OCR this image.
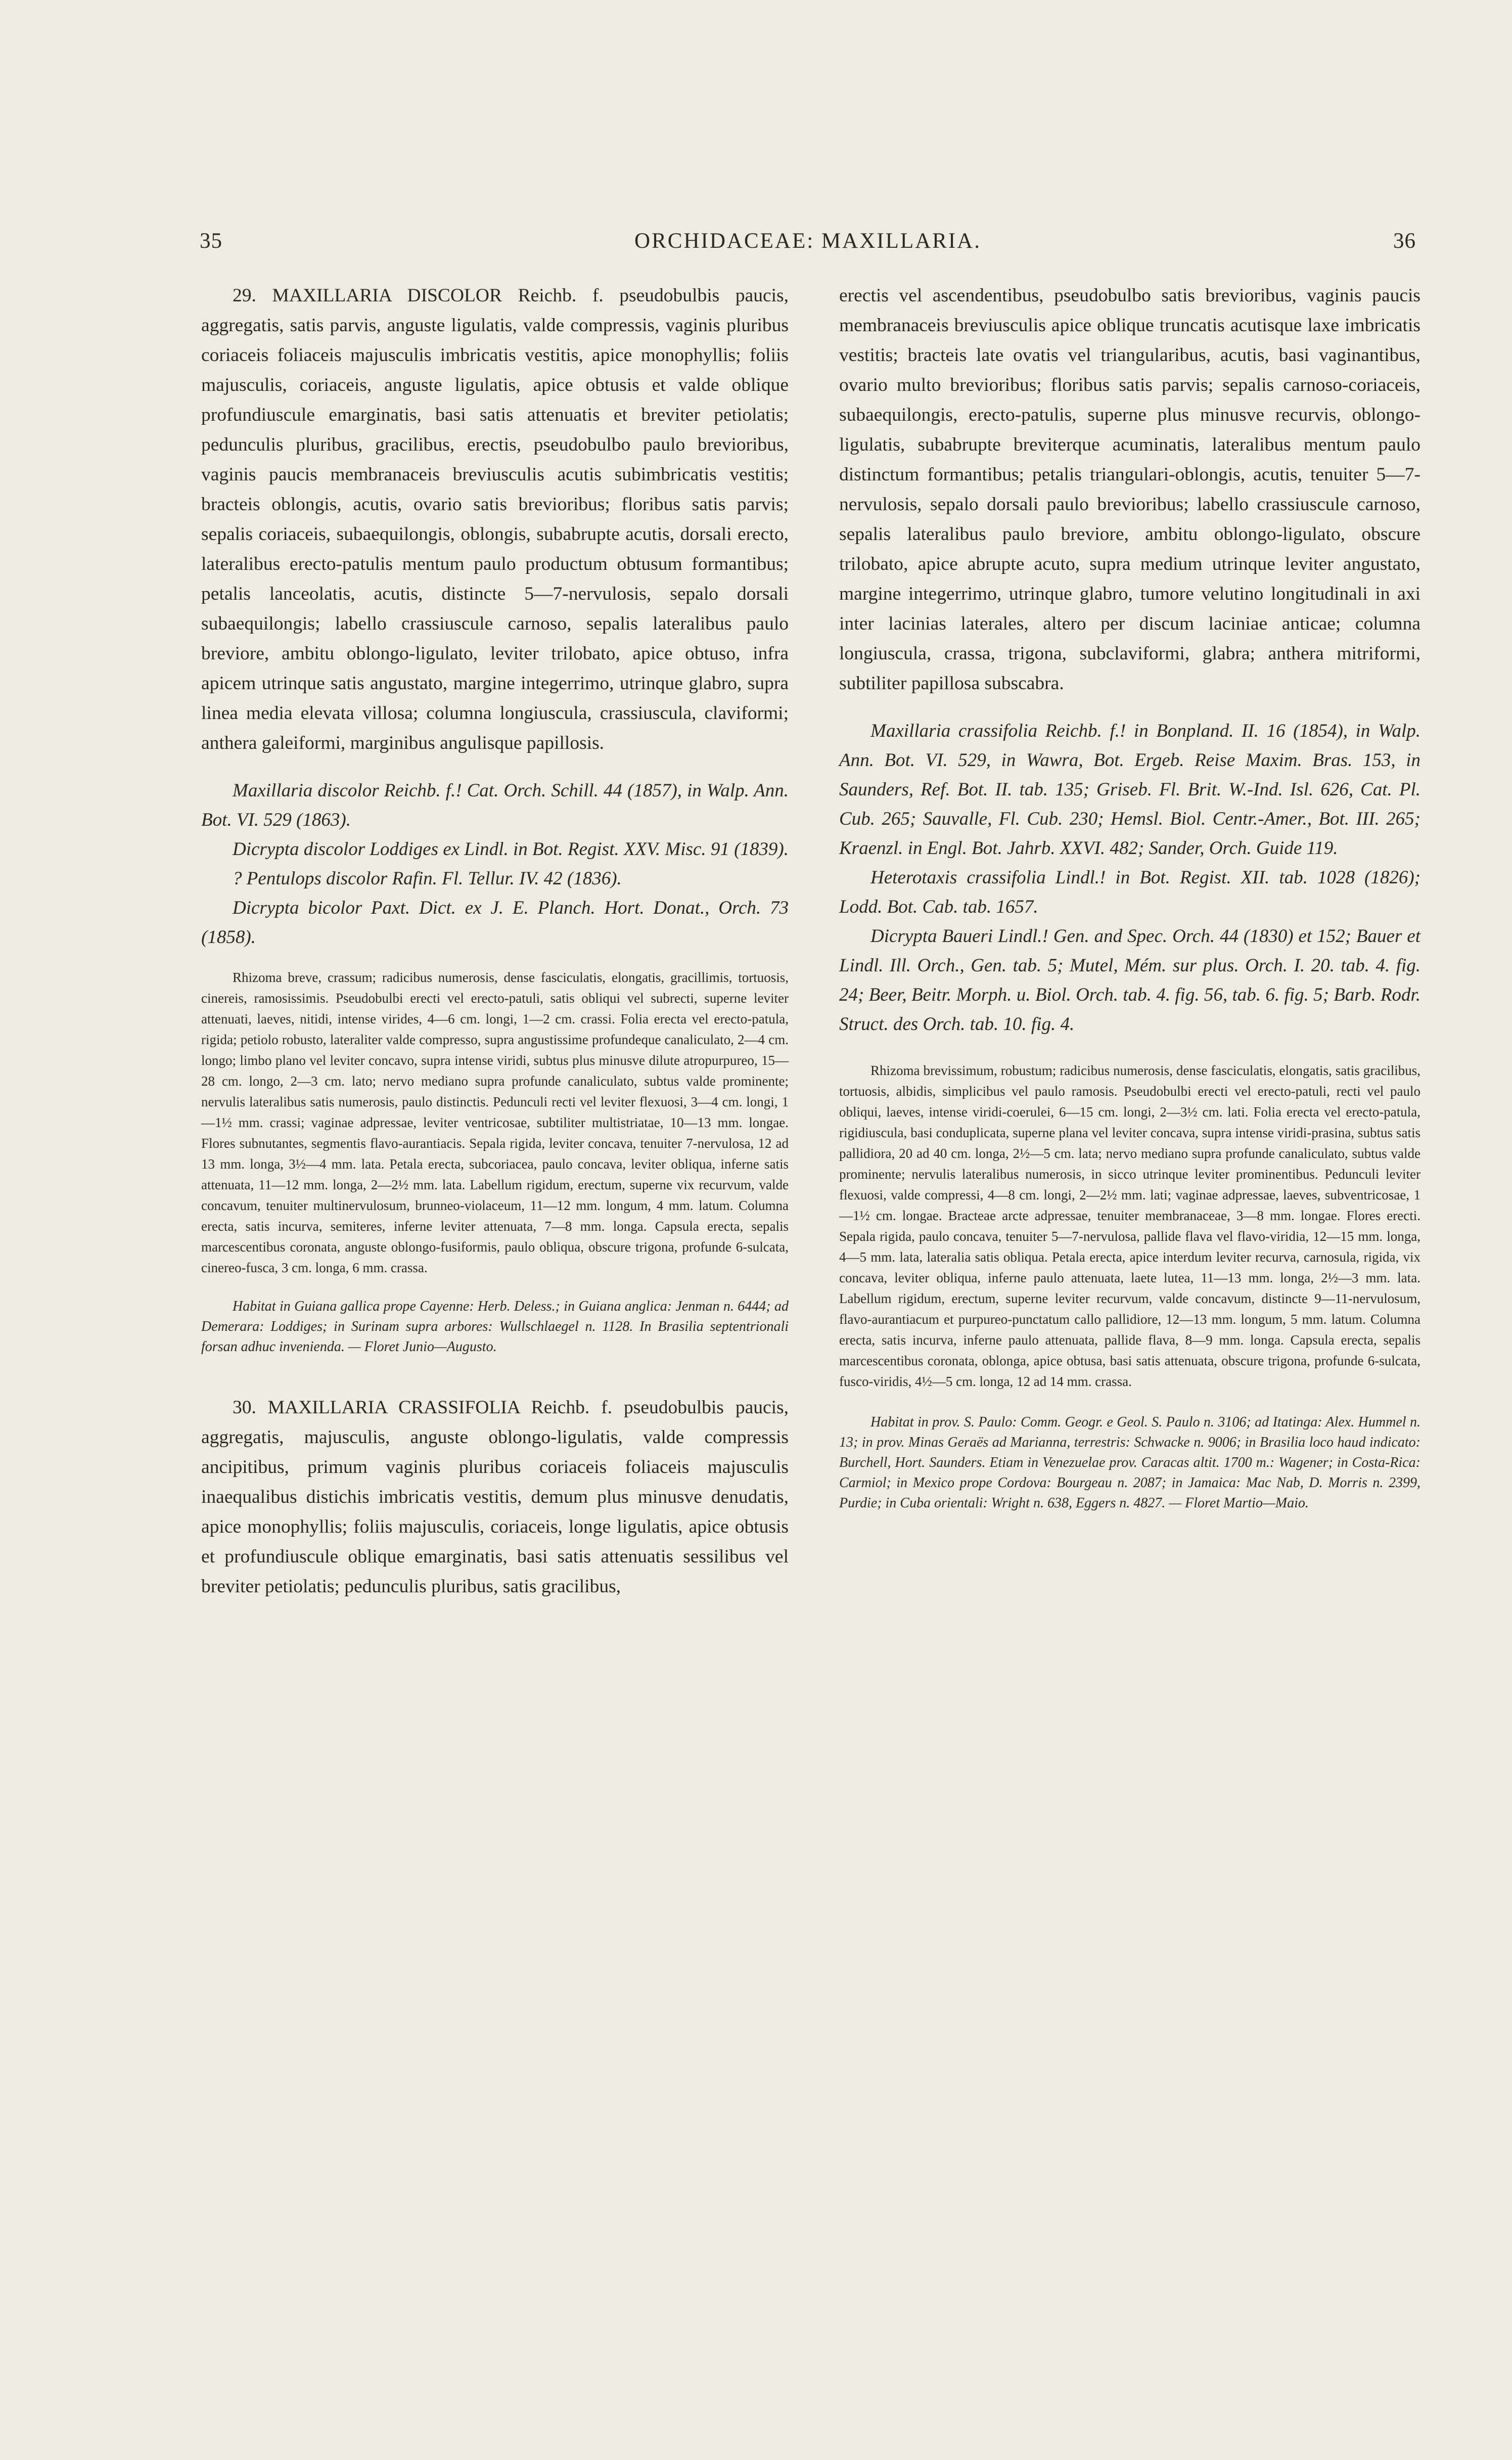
35	ORCHIDACEAE: MAXILLARIA.	36

29. MAXILLARIA DISCOLOR Reichb. f. pseudobulbis paucis, aggregatis, satis parvis, anguste ligulatis, valde compressis, vaginis pluribus coriaceis foliaceis majusculis imbricatis vestitis, apice monophyllis; foliis majusculis, coriaceis, anguste ligulatis, apice obtusis et valde oblique profundiuscule emarginatis, basi satis attenuatis et breviter petiolatis; pedunculis pluribus, gracilibus, erectis, pseudobulbo paulo brevioribus, vaginis paucis membranaceis breviusculis acutis subimbricatis vestitis; bracteis oblongis, acutis, ovario satis brevioribus; floribus satis parvis; sepalis coriaceis, subaequilongis, oblongis, subabrupte acutis, dorsali erecto, lateralibus erecto-patulis mentum paulo productum obtusum formantibus; petalis lanceolatis, acutis, distincte 5—7-nervulosis, sepalo dorsali subaequilongis; labello crassiuscule carnoso, sepalis lateralibus paulo breviore, ambitu oblongo-ligulato, leviter trilobato, apice obtuso, infra apicem utrinque satis angustato, margine integerrimo, utrinque glabro, supra linea media elevata villosa; columna longiuscula, crassiuscula, claviformi; anthera galeiformi, marginibus angulisque papillosis.

Maxillaria discolor Reichb. f.! Cat. Orch. Schill. 44 (1857), in Walp. Ann. Bot. VI. 529 (1863).

Dicrypta discolor Loddiges ex Lindl. in Bot. Regist. XXV. Misc. 91 (1839).

? Pentulops discolor Rafin. Fl. Tellur. IV. 42 (1836).

Dicrypta bicolor Paxt. Dict. ex J. E. Planch. Hort. Donat., Orch. 73 (1858).

Rhizoma breve, crassum; radicibus numerosis, dense fasciculatis, elongatis, gracillimis, tortuosis, cinereis, ramosissimis. Pseudobulbi erecti vel erecto-patuli, satis obliqui vel subrecti, superne leviter attenuati, laeves, nitidi, intense virides, 4—6 cm. longi, 1—2 cm. crassi. Folia erecta vel erecto-patula, rigida; petiolo robusto, lateraliter valde compresso, supra angustissime profundeque canaliculato, 2—4 cm. longo; limbo plano vel leviter concavo, supra intense viridi, subtus plus minusve dilute atropurpureo, 15—28 cm. longo, 2—3 cm. lato; nervo mediano supra profunde canaliculato, subtus valde prominente; nervulis lateralibus satis numerosis, paulo distinctis. Pedunculi recti vel leviter flexuosi, 3—4 cm. longi, 1—1½ mm. crassi; vaginae adpressae, leviter ventricosae, subtiliter multistriatae, 10—13 mm. longae. Flores subnutantes, segmentis flavo-aurantiacis. Sepala rigida, leviter concava, tenuiter 7-nervulosa, 12 ad 13 mm. longa, 3½—4 mm. lata. Petala erecta, subcoriacea, paulo concava, leviter obliqua, inferne satis attenuata, 11—12 mm. longa, 2—2½ mm. lata. Labellum rigidum, erectum, superne vix recurvum, valde concavum, tenuiter multinervulosum, brunneo-violaceum, 11—12 mm. longum, 4 mm. latum. Columna erecta, satis incurva, semiteres, inferne leviter attenuata, 7—8 mm. longa. Capsula erecta, sepalis marcescentibus coronata, anguste oblongo-fusiformis, paulo obliqua, obscure trigona, profunde 6-sulcata, cinereo-fusca, 3 cm. longa, 6 mm. crassa.

Habitat in Guiana gallica prope Cayenne: Herb. Deless.; in Guiana anglica: Jenman n. 6444; ad Demerara: Loddiges; in Surinam supra arbores: Wullschlaegel n. 1128. In Brasilia septentrionali forsan adhuc invenienda. — Floret Junio—Augusto.

30. MAXILLARIA CRASSIFOLIA Reichb. f. pseudobulbis paucis, aggregatis, majusculis, anguste oblongo-ligulatis, valde compressis ancipitibus, primum vaginis pluribus coriaceis foliaceis majusculis inaequalibus distichis imbricatis vestitis, demum plus minusve denudatis, apice monophyllis; foliis majusculis, coriaceis, longe ligulatis, apice obtusis et profundiuscule oblique emarginatis, basi satis attenuatis sessilibus vel breviter petiolatis; pedunculis pluribus, satis gracilibus,

erectis vel ascendentibus, pseudobulbo satis brevioribus, vaginis paucis membranaceis breviusculis apice oblique truncatis acutisque laxe imbricatis vestitis; bracteis late ovatis vel triangularibus, acutis, basi vaginantibus, ovario multo brevioribus; floribus satis parvis; sepalis carnoso-coriaceis, subaequilongis, erecto-patulis, superne plus minusve recurvis, oblongo-ligulatis, subabrupte breviterque acuminatis, lateralibus mentum paulo distinctum formantibus; petalis triangulari-oblongis, acutis, tenuiter 5—7-nervulosis, sepalo dorsali paulo brevioribus; labello crassiuscule carnoso, sepalis lateralibus paulo breviore, ambitu oblongo-ligulato, obscure trilobato, apice abrupte acuto, supra medium utrinque leviter angustato, margine integerrimo, utrinque glabro, tumore velutino longitudinali in axi inter lacinias laterales, altero per discum laciniae anticae; columna longiuscula, crassa, trigona, subclaviformi, glabra; anthera mitriformi, subtiliter papillosa subscabra.

Maxillaria crassifolia Reichb. f.! in Bonpland. II. 16 (1854), in Walp. Ann. Bot. VI. 529, in Wawra, Bot. Ergeb. Reise Maxim. Bras. 153, in Saunders, Ref. Bot. II. tab. 135; Griseb. Fl. Brit. W.-Ind. Isl. 626, Cat. Pl. Cub. 265; Sauvalle, Fl. Cub. 230; Hemsl. Biol. Centr.-Amer., Bot. III. 265; Kraenzl. in Engl. Bot. Jahrb. XXVI. 482; Sander, Orch. Guide 119.

Heterotaxis crassifolia Lindl.! in Bot. Regist. XII. tab. 1028 (1826); Lodd. Bot. Cab. tab. 1657.

Dicrypta Baueri Lindl.! Gen. and Spec. Orch. 44 (1830) et 152; Bauer et Lindl. Ill. Orch., Gen. tab. 5; Mutel, Mém. sur plus. Orch. I. 20. tab. 4. fig. 24; Beer, Beitr. Morph. u. Biol. Orch. tab. 4. fig. 56, tab. 6. fig. 5; Barb. Rodr. Struct. des Orch. tab. 10. fig. 4.

Rhizoma brevissimum, robustum; radicibus numerosis, dense fasciculatis, elongatis, satis gracilibus, tortuosis, albidis, simplicibus vel paulo ramosis. Pseudobulbi erecti vel erecto-patuli, recti vel paulo obliqui, laeves, intense viridi-coerulei, 6—15 cm. longi, 2—3½ cm. lati. Folia erecta vel erecto-patula, rigidiuscula, basi conduplicata, superne plana vel leviter concava, supra intense viridi-prasina, subtus satis pallidiora, 20 ad 40 cm. longa, 2½—5 cm. lata; nervo mediano supra profunde canaliculato, subtus valde prominente; nervulis lateralibus numerosis, in sicco utrinque leviter prominentibus. Pedunculi leviter flexuosi, valde compressi, 4—8 cm. longi, 2—2½ mm. lati; vaginae adpressae, laeves, subventricosae, 1—1½ cm. longae. Bracteae arcte adpressae, tenuiter membranaceae, 3—8 mm. longae. Flores erecti. Sepala rigida, paulo concava, tenuiter 5—7-nervulosa, pallide flava vel flavo-viridia, 12—15 mm. longa, 4—5 mm. lata, lateralia satis obliqua. Petala erecta, apice interdum leviter recurva, carnosula, rigida, vix concava, leviter obliqua, inferne paulo attenuata, laete lutea, 11—13 mm. longa, 2½—3 mm. lata. Labellum rigidum, erectum, superne leviter recurvum, valde concavum, distincte 9—11-nervulosum, flavo-aurantiacum et purpureo-punctatum callo pallidiore, 12—13 mm. longum, 5 mm. latum. Columna erecta, satis incurva, inferne paulo attenuata, pallide flava, 8—9 mm. longa. Capsula erecta, sepalis marcescentibus coronata, oblonga, apice obtusa, basi satis attenuata, obscure trigona, profunde 6-sulcata, fusco-viridis, 4½—5 cm. longa, 12 ad 14 mm. crassa.

Habitat in prov. S. Paulo: Comm. Geogr. e Geol. S. Paulo n. 3106; ad Itatinga: Alex. Hummel n. 13; in prov. Minas Geraës ad Marianna, terrestris: Schwacke n. 9006; in Brasilia loco haud indicato: Burchell, Hort. Saunders. Etiam in Venezuelae prov. Caracas altit. 1700 m.: Wagener; in Costa-Rica: Carmiol; in Mexico prope Cordova: Bourgeau n. 2087; in Jamaica: Mac Nab, D. Morris n. 2399, Purdie; in Cuba orientali: Wright n. 638, Eggers n. 4827. — Floret Martio—Maio.
